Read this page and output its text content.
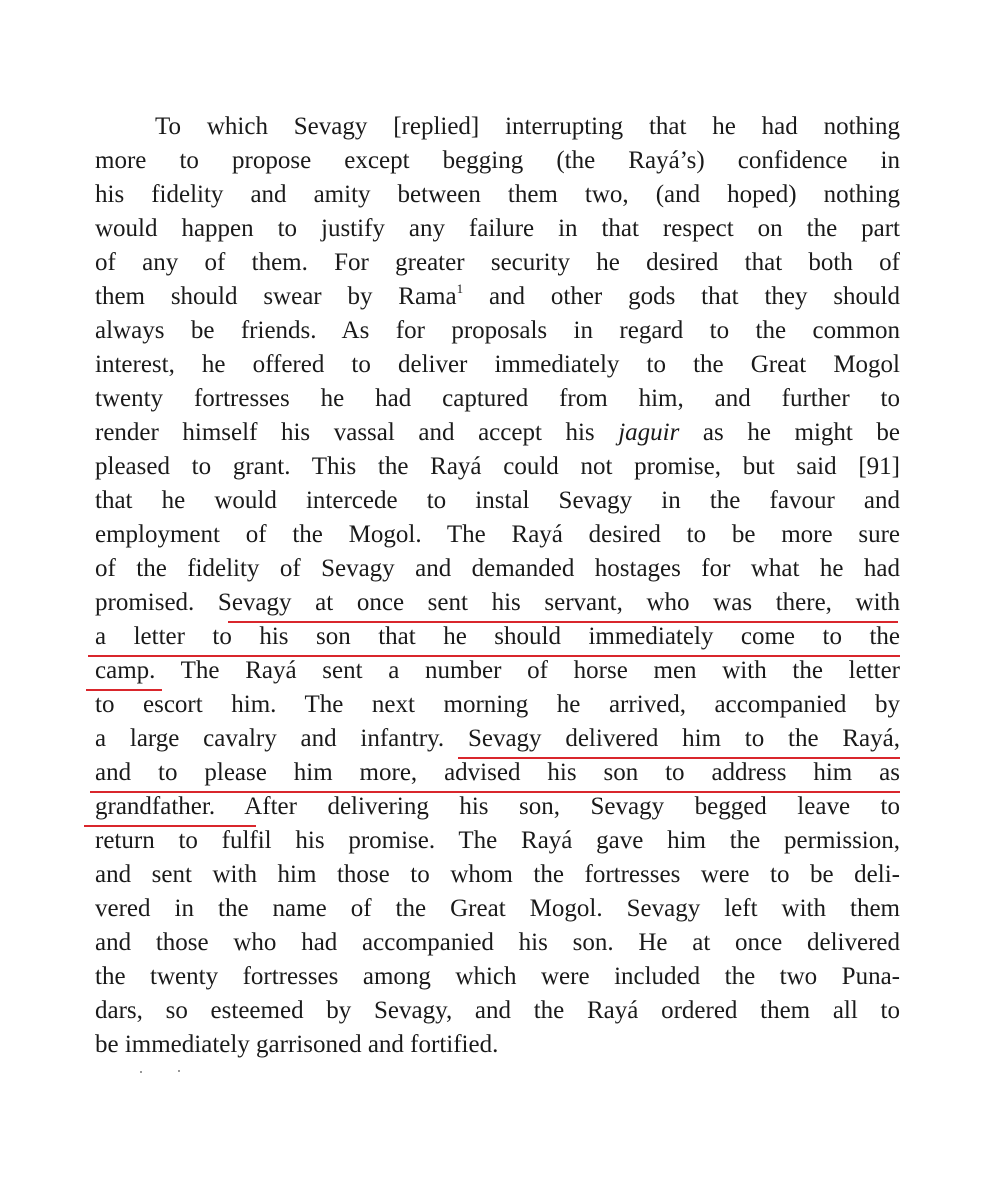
To which Sevagy [replied] interrupting that he had nothing

more to propose except begging (the Rayá’s) confidence in

his fidelity and amity between them two, (and hoped) nothing

would happen to justify any failure in that respect on the part

of any of them. For greater security he desired that both of

them should swear by Rama$^1$ and other gods that they should

always be friends. As for proposals in regard to the common

interest, he offered to deliver immediately to the Great Mogol

twenty fortresses he had captured from him, and further to

render himself his vassal and accept his jaguir as he might be

pleased to grant. This the Rayá could not promise, but said [91]

that he would intercede to instal Sevagy in the favour and

employment of the Mogol. The Rayá desired to be more sure

of the fidelity of Sevagy and demanded hostages for what he had

promised. Sevagy at once sent his servant, who was there, with

a letter to his son that he should immediately come to the

camp. The Rayá sent a number of horse men with the letter

to escort him. The next morning he arrived, accompanied by

a large cavalry and infantry. Sevagy delivered him to the Rayá,

and to please him more, advised his son to address him as

grandfather. After delivering his son, Sevagy begged leave to

return to fulfil his promise. The Rayá gave him the permission,

and sent with him those to whom the fortresses were to be deli-

vered in the name of the Great Mogol. Sevagy left with them

and those who had accompanied his son. He at once delivered

the twenty fortresses among which were included the two Puna-

dars, so esteemed by Sevagy, and the Rayá ordered them all to

be immediately garrisoned and fortified.
